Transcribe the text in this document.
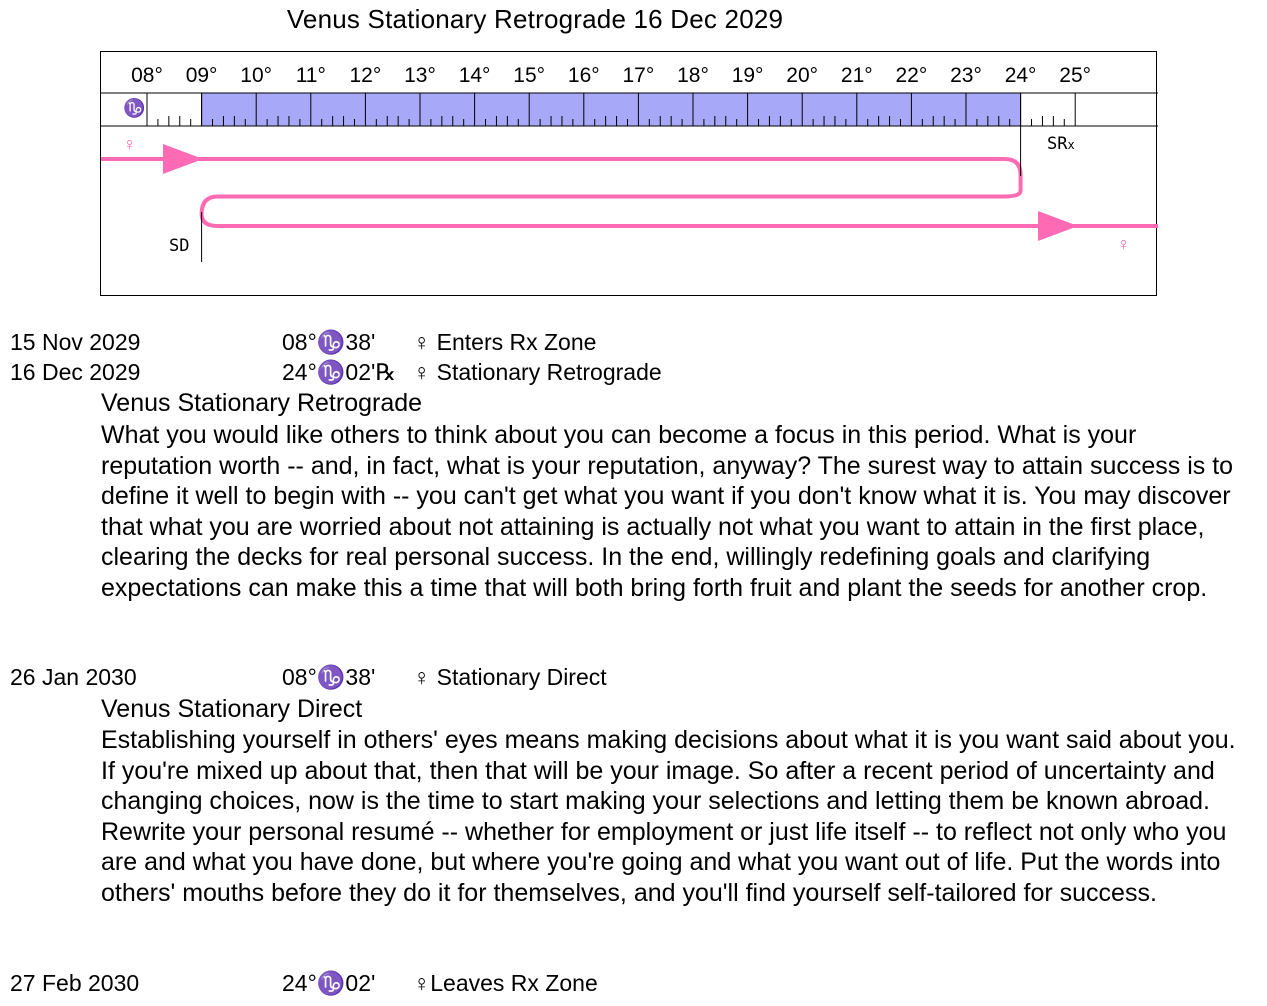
Venus Stationary Retrograde 16 Dec 2029
♑
♀
♀
SRx
SD
08°	09°	10°	11°	12°	13°	14°	15°	16°	17°	18°	19°	20°	21°	22°	23°	24°	25°
15 Nov 2029	08°♑38' ♀ Enters Rx Zone
16 Dec 2029	24°♑02'℞ ♀ Stationary Retrograde
Venus Stationary Retrograde
What you would like others to think about you can become a focus in this period. What is your reputation worth -- and, in fact, what is your reputation, anyway? The surest way to attain success is to define it well to begin with -- you can't get what you want if you don't know what it is. You may discover that what you are worried about not attaining is actually not what you want to attain in the first place, clearing the decks for real personal success. In the end, willingly redefining goals and clarifying expectations can make this a time that will both bring forth fruit and plant the seeds for another crop.
26 Jan 2030	08°♑38' ♀ Stationary Direct
Venus Stationary Direct
Establishing yourself in others' eyes means making decisions about what it is you want said about you. If you're mixed up about that, then that will be your image. So after a recent period of uncertainty and changing choices, now is the time to start making your selections and letting them be known abroad. Rewrite your personal resumé -- whether for employment or just life itself -- to reflect not only who you are and what you have done, but where you're going and what you want out of life. Put the words into others' mouths before they do it for themselves, and you'll find yourself self-tailored for success.
27 Feb 2030	24°♑02' ♀Leaves Rx Zone
